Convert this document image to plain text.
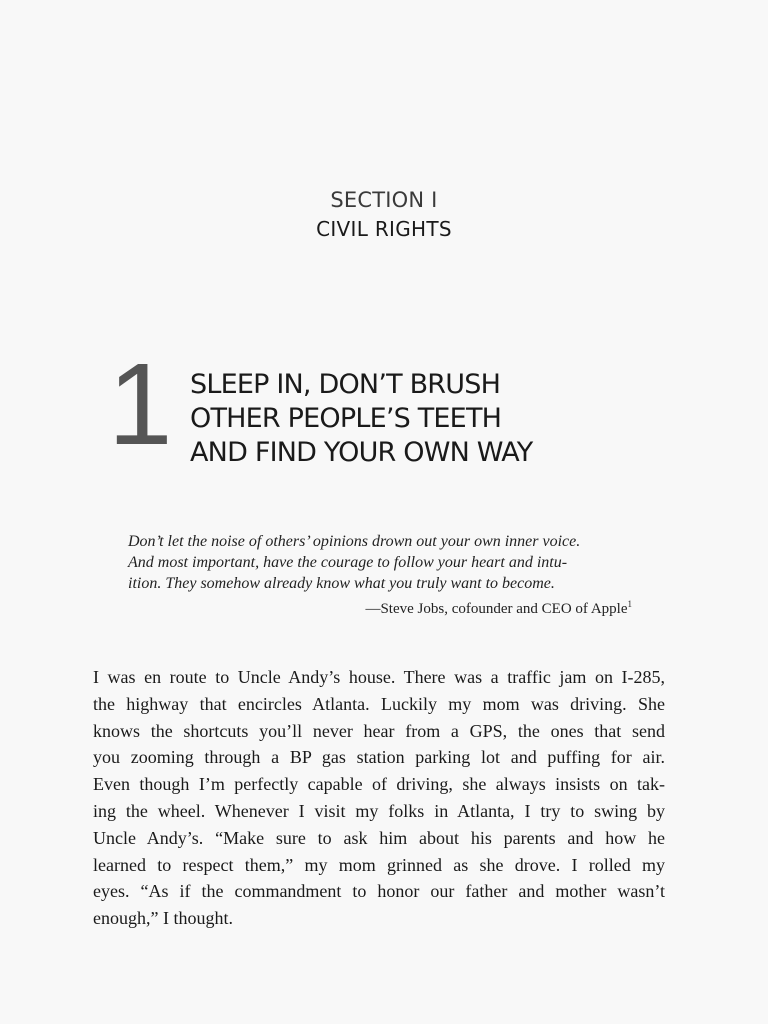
SECTION I
CIVIL RIGHTS
1 SLEEP IN, DON’T BRUSH
OTHER PEOPLE’S TEETH
AND FIND YOUR OWN WAY
Don’t let the noise of others’ opinions drown out your own inner voice.
And most important, have the courage to follow your heart and intu-
ition. They somehow already know what you truly want to become.
—Steve Jobs, cofounder and CEO of Apple$^1$
I was en route to Uncle Andy’s house. There was a traffic jam on I-285,
the highway that encircles Atlanta. Luckily my mom was driving. She
knows the shortcuts you’ll never hear from a GPS, the ones that send
you zooming through a BP gas station parking lot and puffing for air.
Even though I’m perfectly capable of driving, she always insists on tak-
ing the wheel. Whenever I visit my folks in Atlanta, I try to swing by
Uncle Andy’s. “Make sure to ask him about his parents and how he
learned to respect them,” my mom grinned as she drove. I rolled my
eyes. “As if the commandment to honor our father and mother wasn’t
enough,” I thought.
